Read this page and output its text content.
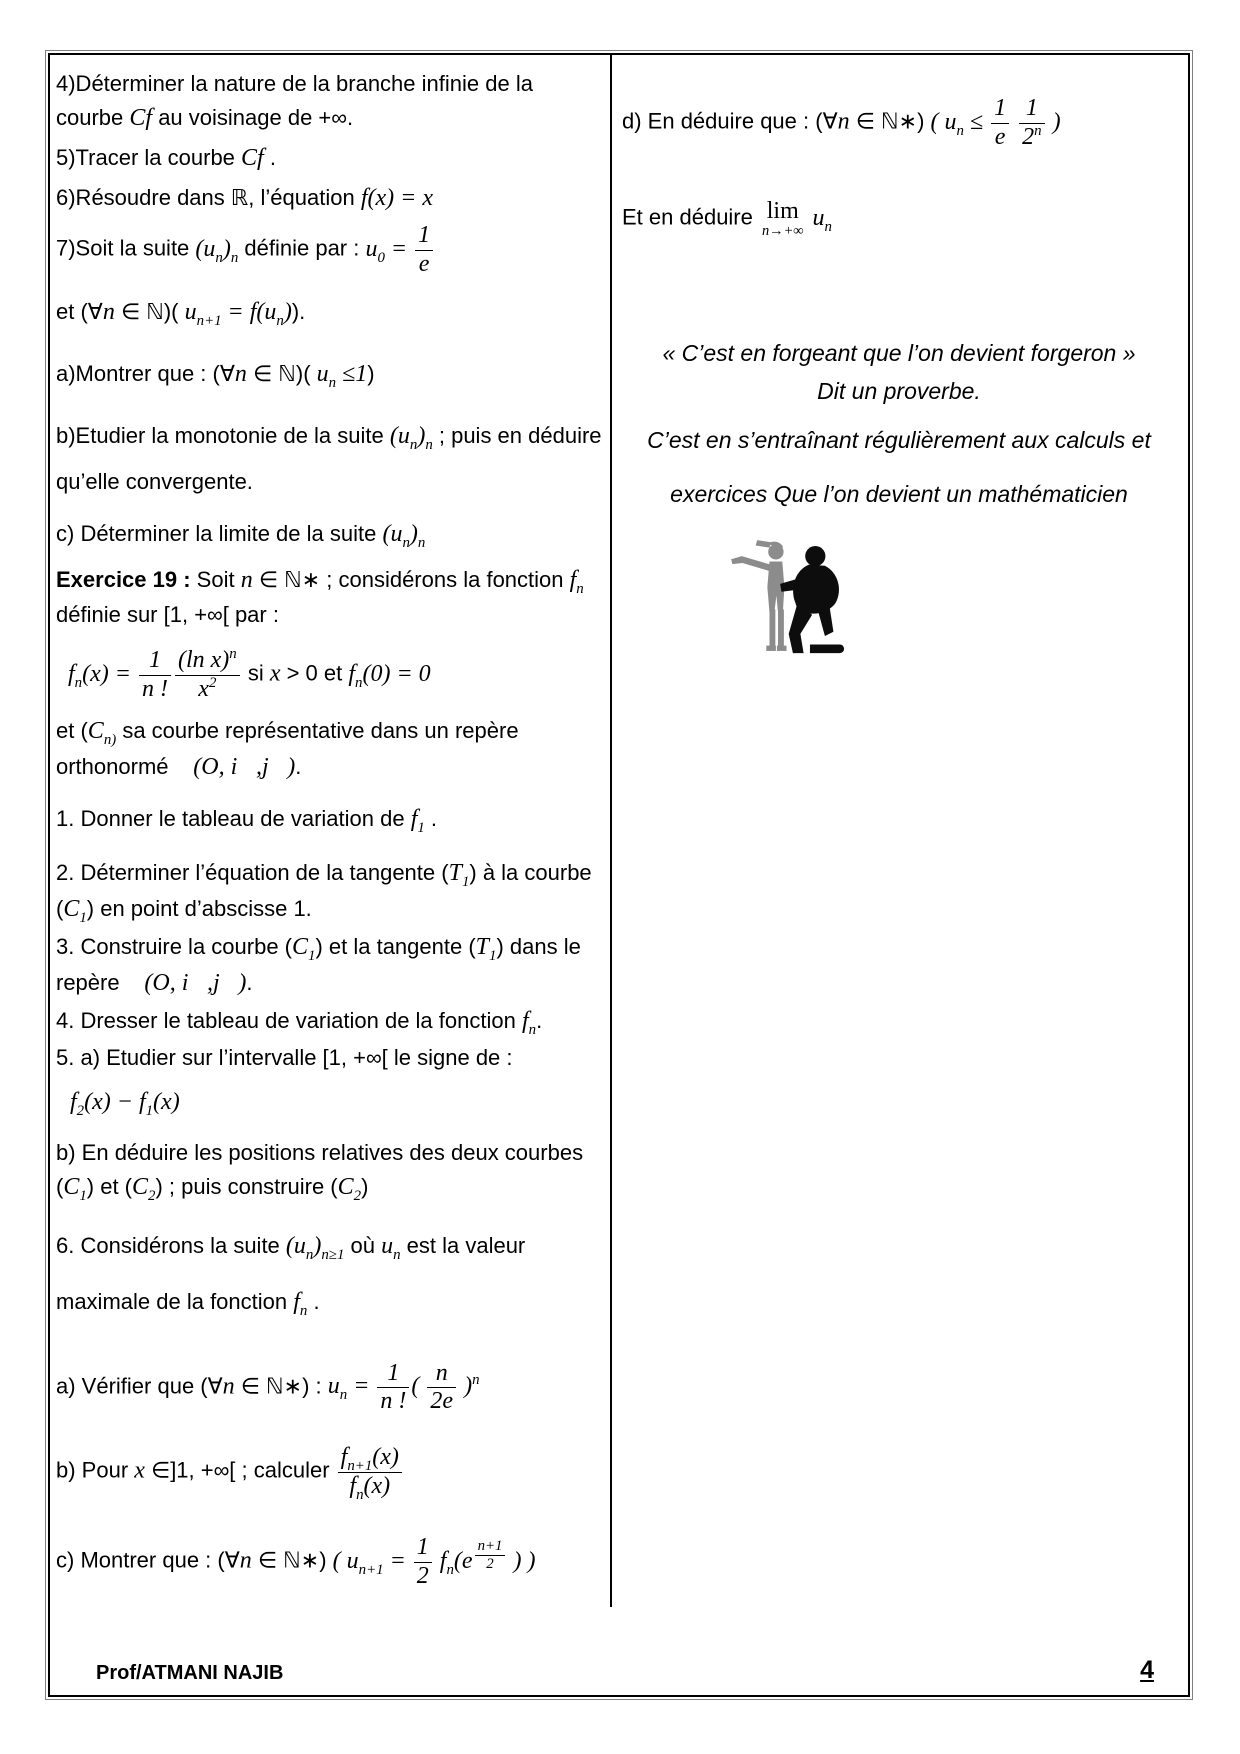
4)Déterminer la nature de la branche infinie de la courbe Cf au voisinage de +∞.

5)Tracer la courbe Cf .

6)Résoudre dans ℝ, l’équation f(x) = x

7)Soit la suite $(u_n)_n$ définie par : $u_0 = \frac{1}{e}$

et (∀n ∈ ℕ)( $u_{n+1} = f(u_n)$).

a)Montrer que : (∀n ∈ ℕ)( $u_n \le 1$)

b)Etudier la monotonie de la suite $(u_n)_n$ ; puis en déduire qu’elle convergente.

c) Déterminer la limite de la suite $(u_n)_n$

Exercice 19 : Soit n ∈ ℕ∗ ; considérons la fonction $f_n$ définie sur [1, +∞[ par :

$f_n(x) = \frac{1}{n !} \frac{(\ln x)^n}{x^2}$ si x > 0 et $f_n(0) = 0$

et ($C_{n)}$ sa courbe représentative dans un repère orthonormé ℛ(O, i⃗,j⃗).

1. Donner le tableau de variation de $f_1$ .

2. Déterminer l’équation de la tangente $(T_1)$ à la courbe $(C_1)$ en point d’abscisse 1.

3. Construire la courbe $(C_1)$ et la tangente $(T_1)$ dans le repère ℛ(O, i⃗,j⃗).

4. Dresser le tableau de variation de la fonction $f_n$.

5. a) Etudier sur l’intervalle [1, +∞[ le signe de :

$f_2(x) - f_1(x)$

b) En déduire les positions relatives des deux courbes $(C_1)$ et $(C_2)$ ; puis construire $(C_2)$

6. Considérons la suite $(u_n)_{n\ge 1}$ où $u_n$ est la valeur maximale de la fonction $f_n$ .

a) Vérifier que (∀n ∈ ℕ∗) : $u_n = \frac{1}{n !}$ ( $\frac{n}{2e} )^n$

b) Pour x ∈]1, +∞[ ; calculer $\frac{f_{n+1}(x)}{f_n(x)}$

c) Montrer que : (∀n ∈ ℕ∗) ( $u_{n+1} = \frac{1}{2} f_n(e$ $^{\frac{n+1}{2}}$ ) )

d) En déduire que : (∀n ∈ ℕ∗) ( $u_n \le \frac{1}{e}$
$\frac{1}{2^n}$ )

Et en déduire lim
n→+∞
$u_n$

« C’est en forgeant que l’on devient forgeron »

Dit un proverbe.

C’est en s’entraînant régulièrement aux calculs et

exercices Que l’on devient un mathématicien

Prof/ATMANI NAJIB	4
